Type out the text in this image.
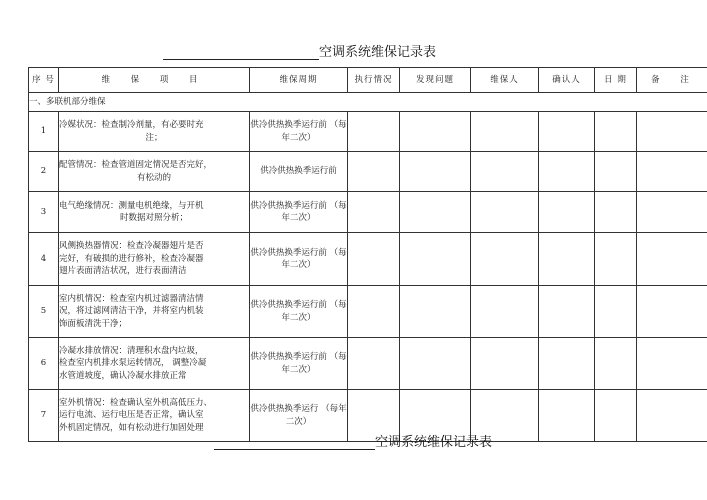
空调系统维保记录表
序 号	维 保 项 目	维保周期	执行情况	发现问题	维保人	确认人	日 期	备 注
一、多联机部分维保								
1	冷媒状况：检查制冷剂量，有必要时充
注；	供冷供热换季运行前 （每年二次）						
2	配管情况：检查管道固定情况是否完好，
有松动的	供冷供热换季运行前						
3	电气绝缘情况：测量电机绝缘，与开机
时数据对照分析；	供冷供热换季运行前 （每年二次）						
4	风侧换热器情况：检查冷凝器翅片是否
完好，有破损的进行修补，检查冷凝器
翅片表面清洁状况，进行表面清洁	供冷供热换季运行前 （每年二次）						
5	室内机情况：检查室内机过滤器清洁情
况，将过滤网清洁干净，并将室内机装
饰面板清洗干净；	供冷供热换季运行前 （每年二次）						
6	冷凝水排放情况：清理积水盘内垃圾，
检查室内机排水泵运转情况， 调整冷凝
水管道坡度，确认冷凝水排放正常	供冷供热换季运行前 （每年二次）						
7	室外机情况：检查确认室外机高低压力、
运行电流、运行电压是否正常，确认室
外机固定情况，如有松动进行加固处理	供冷供热换季运行 （每年二次）						
空调系统维保记录表
